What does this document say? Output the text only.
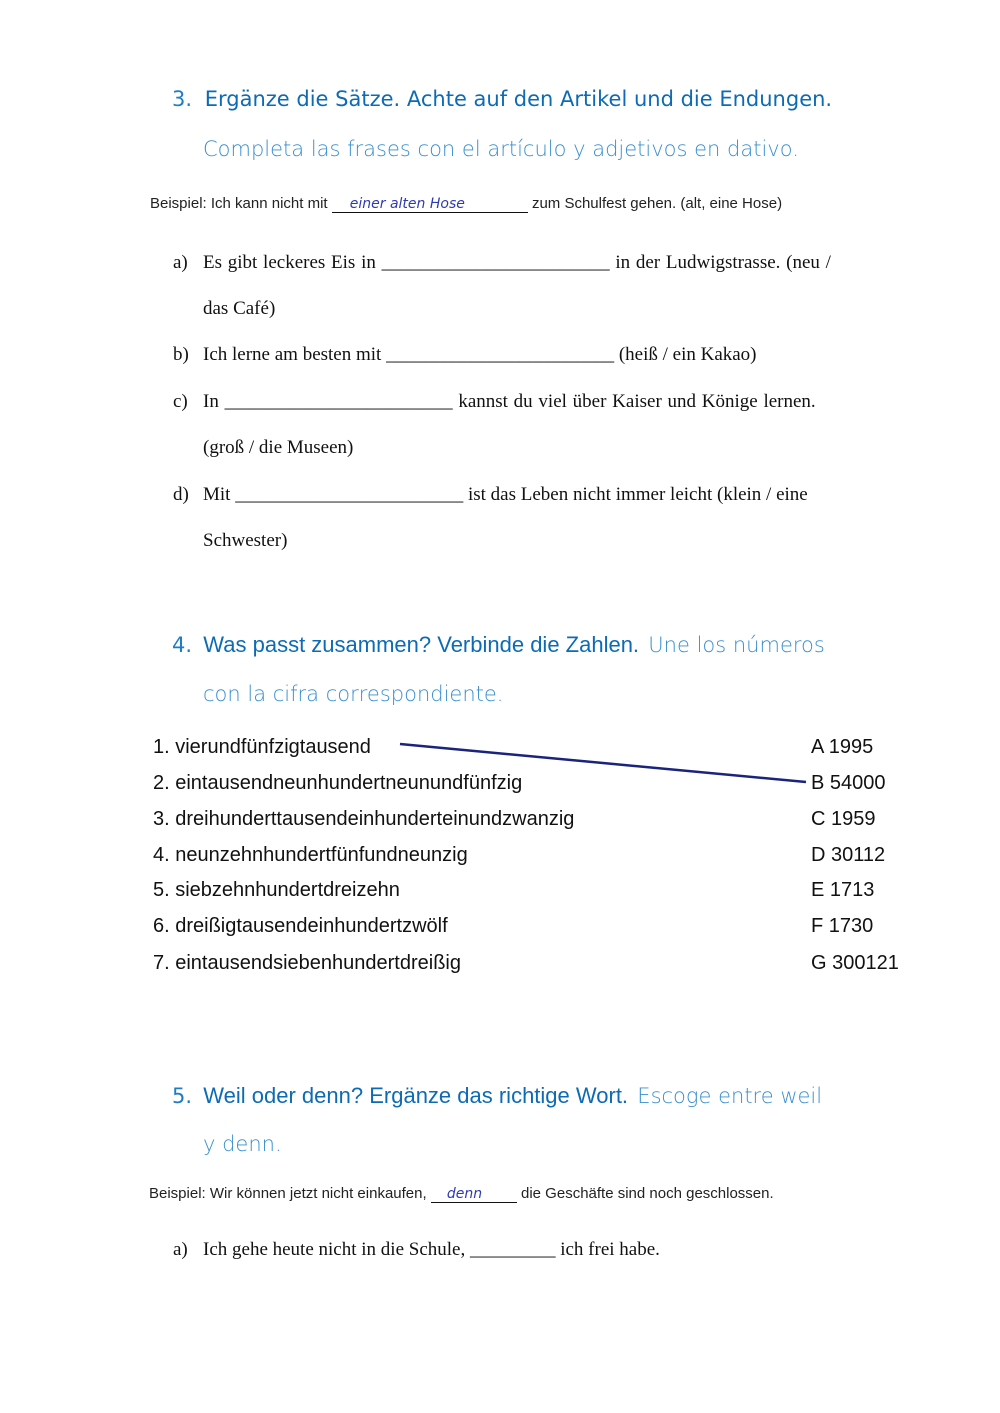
3. Ergänze die Sätze. Achte auf den Artikel und die Endungen.
Completa las frases con el artículo y adjetivos en dativo.
Beispiel: Ich kann nicht mit einer alten Hose	zum Schulfest gehen. (alt, eine Hose)
a) Es gibt leckeres Eis in ________________________ in der Ludwigstrasse. (neu /
das Café)
b) Ich lerne am besten mit ________________________ (heiß / ein Kakao)
c) In ________________________ kannst du viel über Kaiser und Könige lernen.
(groß / die Museen)
d) Mit ________________________ ist das Leben nicht immer leicht (klein / eine
Schwester)
4. Was passt zusammen? Verbinde die Zahlen. Une los números
con la cifra correspondiente.
1. vierundfünfzigtausend
2. eintausendneunhundertneunundfünfzig
3. dreihunderttausendeinhunderteinundzwanzig
4. neunzehnhundertfünfundneunzig
5. siebzehnhundertdreizehn
6. dreißigtausendeinhundertzwölf
7. eintausendsiebenhundertdreißig
A 1995
B 54000
C 1959
D 30112
E 1713
F 1730
G 300121
5. Weil oder denn? Ergänze das richtige Wort. Escoge entre weil
y denn.
Beispiel: Wir können jetzt nicht einkaufen, denn	die Geschäfte sind noch geschlossen.
a) Ich gehe heute nicht in die Schule, _________ ich frei habe.
